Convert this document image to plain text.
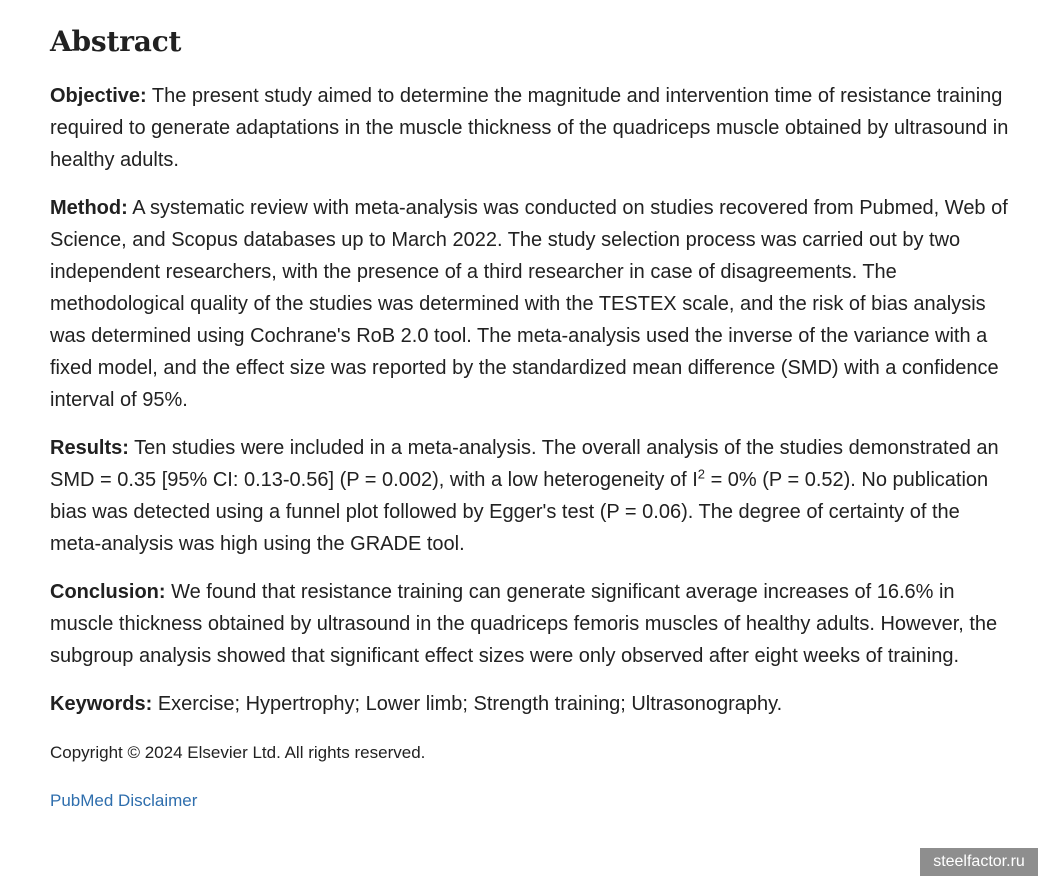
Abstract

Objective: The present study aimed to determine the magnitude and intervention time of resistance training required to generate adaptations in the muscle thickness of the quadriceps muscle obtained by ultrasound in healthy adults.

Method: A systematic review with meta-analysis was conducted on studies recovered from Pubmed, Web of Science, and Scopus databases up to March 2022. The study selection process was carried out by two independent researchers, with the presence of a third researcher in case of disagreements. The methodological quality of the studies was determined with the TESTEX scale, and the risk of bias analysis was determined using Cochrane's RoB 2.0 tool. The meta-analysis used the inverse of the variance with a fixed model, and the effect size was reported by the standardized mean difference (SMD) with a confidence interval of 95%.

Results: Ten studies were included in a meta-analysis. The overall analysis of the studies demonstrated an SMD = 0.35 [95% CI: 0.13-0.56] (P = 0.002), with a low heterogeneity of $I^2 = 0\%$ (P = 0.52). No publication bias was detected using a funnel plot followed by Egger's test (P = 0.06). The degree of certainty of the meta-analysis was high using the GRADE tool.

Conclusion: We found that resistance training can generate significant average increases of 16.6% in muscle thickness obtained by ultrasound in the quadriceps femoris muscles of healthy adults. However, the subgroup analysis showed that significant effect sizes were only observed after eight weeks of training.

Keywords: Exercise; Hypertrophy; Lower limb; Strength training; Ultrasonography.

Copyright © 2024 Elsevier Ltd. All rights reserved.

PubMed Disclaimer
steelfactor.ru
